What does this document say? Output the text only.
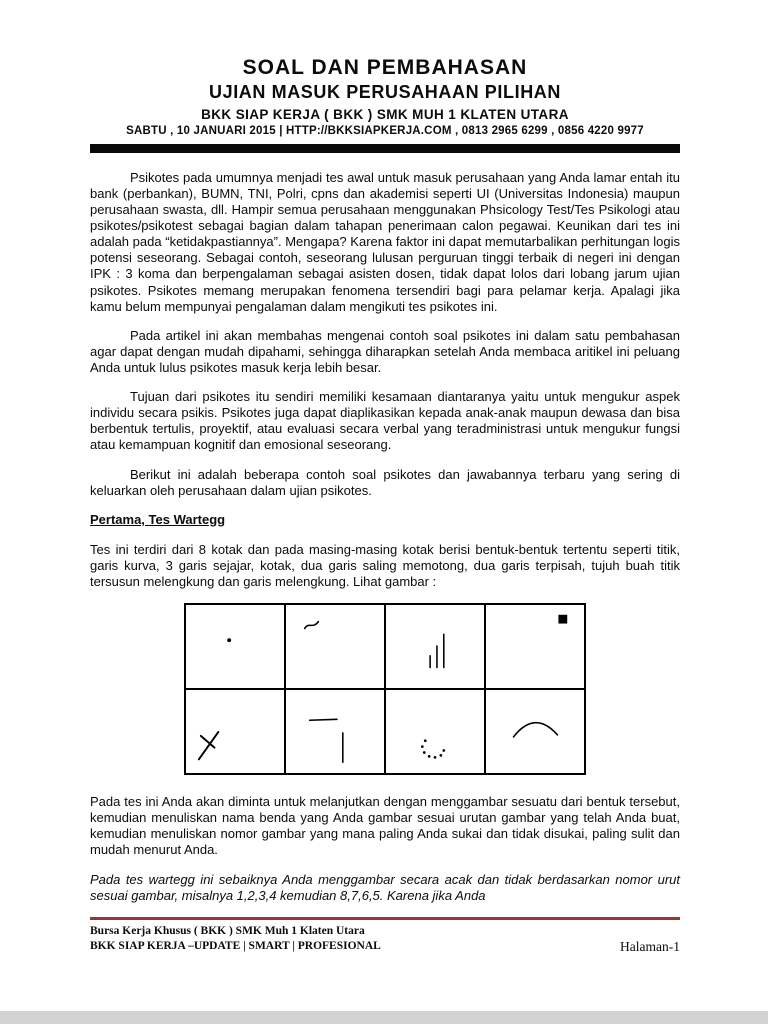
SOAL DAN PEMBAHASAN
UJIAN MASUK PERUSAHAAN PILIHAN
BKK SIAP KERJA ( BKK ) SMK MUH 1 KLATEN UTARA
SABTU , 10 JANUARI 2015 | HTTP://BKKSIAPKERJA.COM , 0813 2965 6299 , 0856 4220 9977

Psikotes pada umumnya menjadi tes awal untuk masuk perusahaan yang Anda lamar entah itu bank (perbankan), BUMN, TNI, Polri, cpns dan akademisi seperti UI (Universitas Indonesia) maupun perusahaan swasta, dll. Hampir semua perusahaan menggunakan Phsicology Test/Tes Psikologi atau psikotes/psikotest sebagai bagian dalam tahapan penerimaan calon pegawai. Keunikan dari tes ini adalah pada “ketidakpastiannya”. Mengapa? Karena faktor ini dapat memutarbalikan perhitungan logis potensi seseorang. Sebagai contoh, seseorang lulusan perguruan tinggi terbaik di negeri ini dengan IPK : 3 koma dan berpengalaman sebagai asisten dosen, tidak dapat lolos dari lobang jarum ujian psikotes. Psikotes memang merupakan fenomena tersendiri bagi para pelamar kerja. Apalagi jika kamu belum mempunyai pengalaman dalam mengikuti tes psikotes ini.

Pada artikel ini akan membahas mengenai contoh soal psikotes ini dalam satu pembahasan agar dapat dengan mudah dipahami, sehingga diharapkan setelah Anda membaca aritikel ini peluang Anda untuk lulus psikotes masuk kerja lebih besar.

Tujuan dari psikotes itu sendiri memiliki kesamaan diantaranya yaitu untuk mengukur aspek individu secara psikis. Psikotes juga dapat diaplikasikan kepada anak-anak maupun dewasa dan bisa berbentuk tertulis, proyektif, atau evaluasi secara verbal yang teradministrasi untuk mengukur fungsi atau kemampuan kognitif dan emosional seseorang.

Berikut ini adalah beberapa contoh soal psikotes dan jawabannya terbaru yang sering di keluarkan oleh perusahaan dalam ujian psikotes.

Pertama, Tes Wartegg

Tes ini terdiri dari 8 kotak dan pada masing-masing kotak berisi bentuk-bentuk tertentu seperti titik, garis kurva, 3 garis sejajar, kotak, dua garis saling memotong, dua garis terpisah, tujuh buah titik tersusun melengkung dan garis melengkung. Lihat gambar :

Pada tes ini Anda akan diminta untuk melanjutkan dengan menggambar sesuatu dari bentuk tersebut, kemudian menuliskan nama benda yang Anda gambar sesuai urutan gambar yang telah Anda buat, kemudian menuliskan nomor gambar yang mana paling Anda sukai dan tidak disukai, paling sulit dan mudah menurut Anda.

Pada tes wartegg ini sebaiknya Anda menggambar secara acak dan tidak berdasarkan nomor urut sesuai gambar, misalnya 1,2,3,4 kemudian 8,7,6,5. Karena jika Anda

Bursa Kerja Khusus ( BKK ) SMK Muh 1 Klaten Utara
BKK SIAP KERJA –UPDATE | SMART | PROFESIONAL	Halaman-1
